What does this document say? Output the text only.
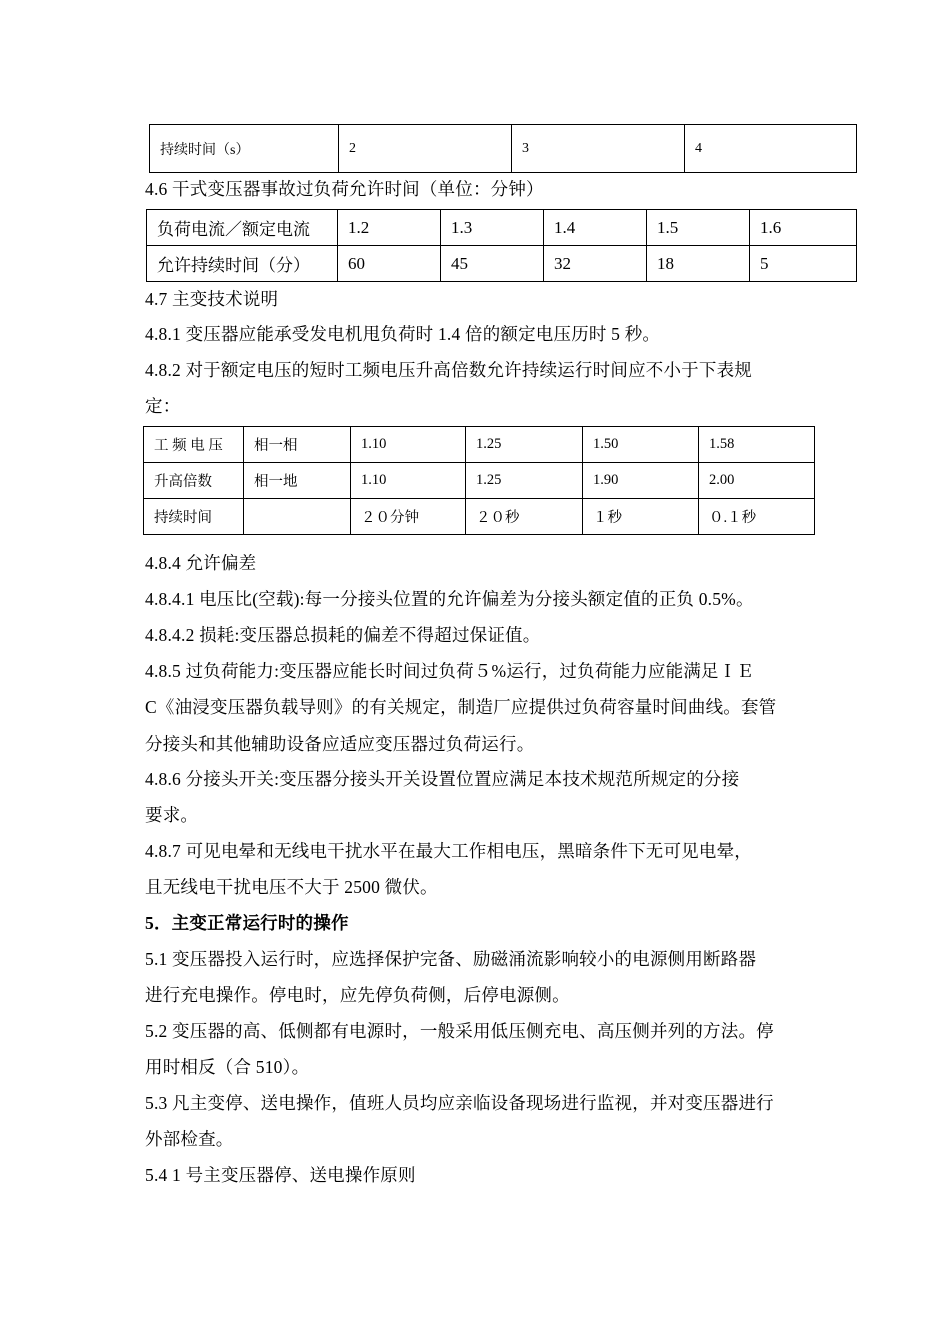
持续时间（s）	2	3	4
4.6 干式变压器事故过负荷允许时间（单位：分钟）
负荷电流／额定电流	1.2	1.3	1.4	1.5	1.6
允许持续时间（分）	60	45	32	18	5
4.7 主变技术说明
4.8.1 变压器应能承受发电机甩负荷时 1.4 倍的额定电压历时 5 秒。
4.8.2 对于额定电压的短时工频电压升高倍数允许持续运行时间应不小于下表规
定：
工 频 电 压	相一相	1.10	1.25	1.50	1.58
升高倍数	相一地	1.10	1.25	1.90	2.00
持续时间		２０分钟	２０秒	１秒	０.１秒
4.8.4 允许偏差
4.8.4.1 电压比(空载):每一分接头位置的允许偏差为分接头额定值的正负 0.5%。
4.8.4.2 损耗:变压器总损耗的偏差不得超过保证值。
4.8.5 过负荷能力:变压器应能长时间过负荷５%运行，过负荷能力应能满足ＩＥ
C《油浸变压器负载导则》的有关规定，制造厂应提供过负荷容量时间曲线。套管
分接头和其他辅助设备应适应变压器过负荷运行。
4.8.6 分接头开关:变压器分接头开关设置位置应满足本技术规范所规定的分接
要求。
4.8.7 可见电晕和无线电干扰水平在最大工作相电压，黑暗条件下无可见电晕，
且无线电干扰电压不大于 2500 微伏。
5．主变正常运行时的操作
5.1 变压器投入运行时，应选择保护完备、励磁涌流影响较小的电源侧用断路器
进行充电操作。停电时，应先停负荷侧，后停电源侧。
5.2 变压器的高、低侧都有电源时，一般采用低压侧充电、高压侧并列的方法。停
用时相反（合 510）。
5.3 凡主变停、送电操作，值班人员均应亲临设备现场进行监视，并对变压器进行
外部检查。
5.4 1 号主变压器停、送电操作原则
